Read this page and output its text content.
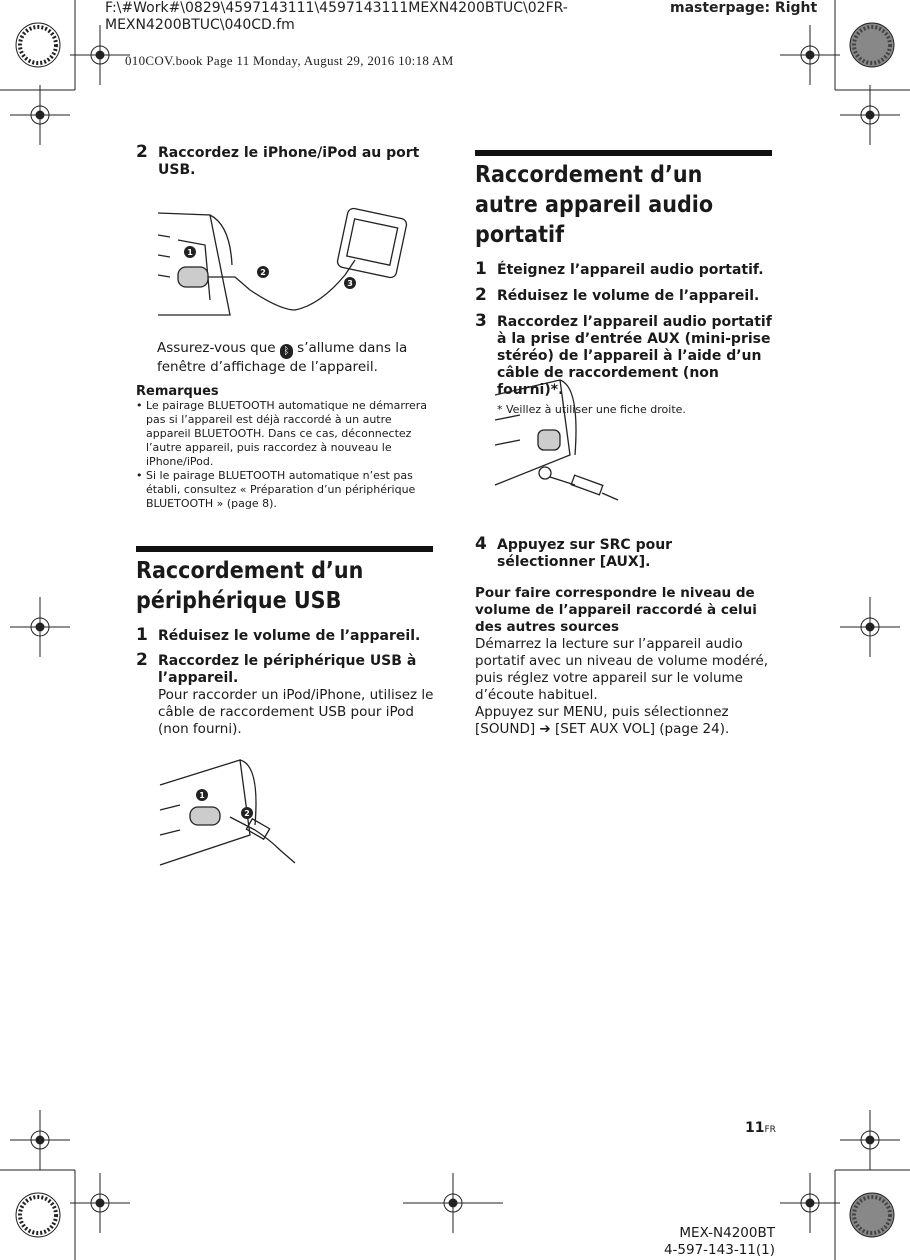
F:\#Work#\0829\4597143111\4597143111MEXN4200BTUC\02FR-
MEXN4200BTUC\040CD.fm
masterpage: Right
010COV.book Page 11 Monday, August 29, 2016 10:18 AM
2 Raccordez le iPhone/iPod au port USB.
1
2
3
Assurez-vous que ᛒ s’allume dans la fenêtre d’affichage de l’appareil.
Remarques
• Le pairage BLUETOOTH automatique ne démarrera pas si l’appareil est déjà raccordé à un autre appareil BLUETOOTH. Dans ce cas, déconnectez l’autre appareil, puis raccordez à nouveau le iPhone/iPod.
• Si le pairage BLUETOOTH automatique n’est pas établi, consultez « Préparation d’un périphérique BLUETOOTH » (page 8).
Raccordement d’un périphérique USB
1 Réduisez le volume de l’appareil.
2 Raccordez le périphérique USB à l’appareil.
Pour raccorder un iPod/iPhone, utilisez le câble de raccordement USB pour iPod (non fourni).
1
2
Raccordement d’un autre appareil audio portatif
1 Éteignez l’appareil audio portatif.
2 Réduisez le volume de l’appareil.
3 Raccordez l’appareil audio portatif à la prise d’entrée AUX (mini-prise stéréo) de l’appareil à l’aide d’un câble de raccordement (non fourni)*.
* Veillez à utiliser une fiche droite.
4 Appuyez sur SRC pour sélectionner [AUX].
Pour faire correspondre le niveau de volume de l’appareil raccordé à celui des autres sources
Démarrez la lecture sur l’appareil audio portatif avec un niveau de volume modéré, puis réglez votre appareil sur le volume d’écoute habituel.
Appuyez sur MENU, puis sélectionnez [SOUND] ➔ [SET AUX VOL] (page 24).
11FR
MEX-N4200BT
4-597-143-11(1)
